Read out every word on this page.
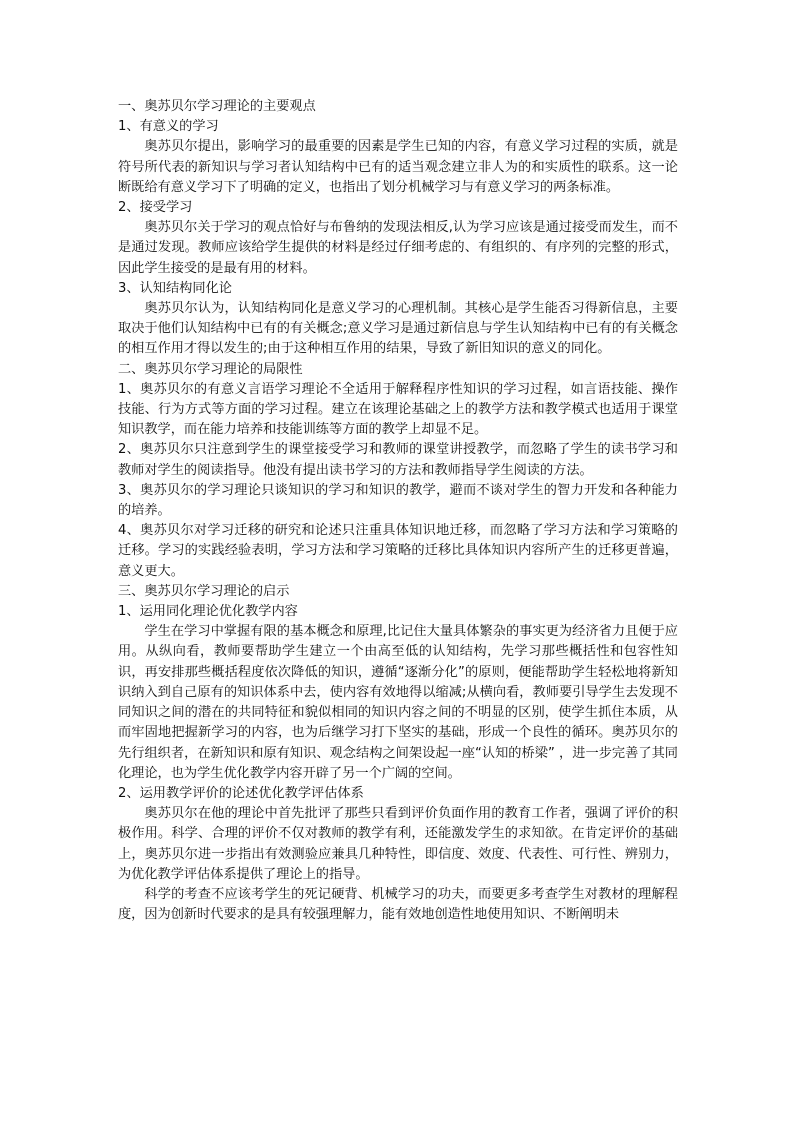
一、奥苏贝尔学习理论的主要观点

1、有意义的学习

奥苏贝尔提出，影响学习的最重要的因素是学生已知的内容，有意义学习过程的实质，就是符号所代表的新知识与学习者认知结构中已有的适当观念建立非人为的和实质性的联系。这一论断既给有意义学习下了明确的定义，也指出了划分机械学习与有意义学习的两条标准。

2、接受学习

奥苏贝尔关于学习的观点恰好与布鲁纳的发现法相反,认为学习应该是通过接受而发生，而不是通过发现。教师应该给学生提供的材料是经过仔细考虑的、有组织的、有序列的完整的形式，因此学生接受的是最有用的材料。

3、认知结构同化论

奥苏贝尔认为，认知结构同化是意义学习的心理机制。其核心是学生能否习得新信息，主要取决于他们认知结构中已有的有关概念;意义学习是通过新信息与学生认知结构中已有的有关概念的相互作用才得以发生的;由于这种相互作用的结果，导致了新旧知识的意义的同化。

二、奥苏贝尔学习理论的局限性

1、奥苏贝尔的有意义言语学习理论不全适用于解释程序性知识的学习过程，如言语技能、操作技能、行为方式等方面的学习过程。建立在该理论基础之上的教学方法和教学模式也适用于课堂知识教学，而在能力培养和技能训练等方面的教学上却显不足。

2、奥苏贝尔只注意到学生的课堂接受学习和教师的课堂讲授教学，而忽略了学生的读书学习和教师对学生的阅读指导。他没有提出读书学习的方法和教师指导学生阅读的方法。

3、奥苏贝尔的学习理论只谈知识的学习和知识的教学，避而不谈对学生的智力开发和各种能力的培养。

4、奥苏贝尔对学习迁移的研究和论述只注重具体知识地迁移，而忽略了学习方法和学习策略的迁移。学习的实践经验表明，学习方法和学习策略的迁移比具体知识内容所产生的迁移更普遍，意义更大。

三、奥苏贝尔学习理论的启示

1、运用同化理论优化教学内容

学生在学习中掌握有限的基本概念和原理,比记住大量具体繁杂的事实更为经济省力且便于应用。从纵向看，教师要帮助学生建立一个由高至低的认知结构，先学习那些概括性和包容性知识，再安排那些概括程度依次降低的知识，遵循“逐渐分化”的原则，便能帮助学生轻松地将新知识纳入到自己原有的知识体系中去，使内容有效地得以缩减;从横向看，教师要引导学生去发现不同知识之间的潜在的共同特征和貌似相同的知识内容之间的不明显的区别，使学生抓住本质，从而牢固地把握新学习的内容，也为后继学习打下坚实的基础，形成一个良性的循环。奥苏贝尔的先行组织者，在新知识和原有知识、观念结构之间架设起一座“认知的桥梁” ，进一步完善了其同化理论，也为学生优化教学内容开辟了另一个广阔的空间。

2、运用教学评价的论述优化教学评估体系

奥苏贝尔在他的理论中首先批评了那些只看到评价负面作用的教育工作者，强调了评价的积极作用。科学、合理的评价不仅对教师的教学有利，还能激发学生的求知欲。在肯定评价的基础上，奥苏贝尔进一步指出有效测验应兼具几种特性，即信度、效度、代表性、可行性、辨别力，为优化教学评估体系提供了理论上的指导。

科学的考查不应该考学生的死记硬背、机械学习的功夫，而要更多考查学生对教材的理解程度，因为创新时代要求的是具有较强理解力，能有效地创造性地使用知识、不断阐明未
